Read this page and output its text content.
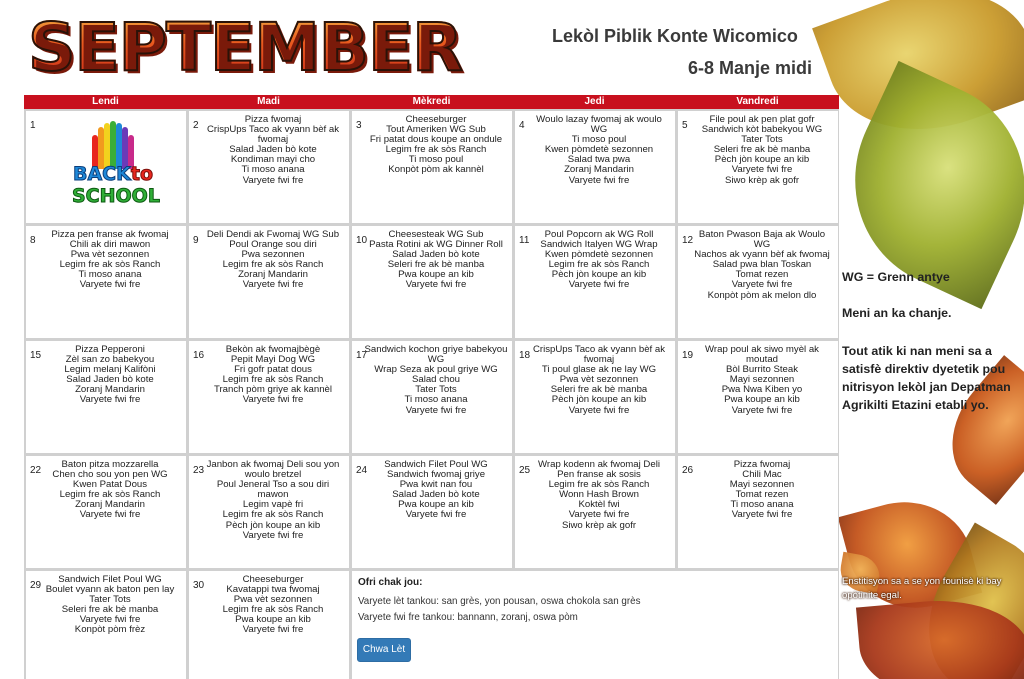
SEPTEMBER	Lekòl Piblik Konte Wicomico
6-8 Manje midi
Lendi	Madi	Mèkredi	Jedi	Vandredi
1
BACKto
SCHOOL
2
Pizza fwomaj
CrispUps Taco ak vyann bèf ak fwomaj
Salad Jaden bò kote
Kondiman mayi cho
Ti moso anana
Varyete fwi fre
3
Cheeseburger
Tout Ameriken WG Sub
Fri patat dous koupe an ondule
Legim fre ak sòs Ranch
Ti moso poul
Konpòt pòm ak kannèl
4
Woulo lazay fwomaj ak woulo WG
Ti moso poul
Kwen pòmdetè sezonnen
Salad twa pwa
Zoranj Mandarin
Varyete fwi fre
5
File poul ak pen plat gofr
Sandwich kòt babekyou WG
Tater Tots
Seleri fre ak bè manba
Pèch jòn koupe an kib
Varyete fwi fre
Siwo krèp ak gofr
8
Pizza pen franse ak fwomaj
Chili ak diri mawon
Pwa vèt sezonnen
Legim fre ak sòs Ranch
Ti moso anana
Varyete fwi fre
9
Deli Dendi ak Fwomaj WG Sub
Poul Orange sou diri
Pwa sezonnen
Legim fre ak sòs Ranch
Zoranj Mandarin
Varyete fwi fre
10
Cheesesteak WG Sub
Pasta Rotini ak WG Dinner Roll
Salad Jaden bò kote
Seleri fre ak bè manba
Pwa koupe an kib
Varyete fwi fre
11
Poul Popcorn ak WG Roll
Sandwich Italyen WG Wrap
Kwen pòmdetè sezonnen
Legim fre ak sòs Ranch
Pèch jòn koupe an kib
Varyete fwi fre
12
Baton Pwason Baja ak Woulo WG
Nachos ak vyann bèf ak fwomaj
Salad pwa blan Toskan
Tomat rezen
Varyete fwi fre
Konpòt pòm ak melon dlo
15
Pizza Pepperoni
Zèl san zo babekyou
Legim melanj Kalifòni
Salad Jaden bò kote
Zoranj Mandarin
Varyete fwi fre
16
Bekòn ak fwomajbègè
Pepit Mayi Dog WG
Fri gofr patat dous
Legim fre ak sòs Ranch
Tranch pòm griye ak kannèl
Varyete fwi fre
17
Sandwich kochon griye babekyou WG
Wrap Seza ak poul griye WG
Salad chou
Tater Tots
Ti moso anana
Varyete fwi fre
18
CrispUps Taco ak vyann bèf ak fwomaj
Ti poul glase ak ne lay WG
Pwa vèt sezonnen
Seleri fre ak bè manba
Pèch jòn koupe an kib
Varyete fwi fre
19
Wrap poul ak siwo myèl ak moutad
Bòl Burrito Steak
Mayi sezonnen
Pwa Nwa Kiben yo
Pwa koupe an kib
Varyete fwi fre
22
Baton pitza mozzarella
Chen cho sou yon pen WG
Kwen Patat Dous
Legim fre ak sòs Ranch
Zoranj Mandarin
Varyete fwi fre
23
Janbon ak fwomaj Deli sou yon woulo bretzel
Poul Jeneral Tso a sou diri mawon
Legim vapè fri
Legim fre ak sòs Ranch
Pèch jòn koupe an kib
Varyete fwi fre
24
Sandwich Filet Poul WG
Sandwich fwomaj griye
Pwa kwit nan fou
Salad Jaden bò kote
Pwa koupe an kib
Varyete fwi fre
25
Wrap kodenn ak fwomaj Deli
Pen franse ak sosis
Legim fre ak sòs Ranch
Wonn Hash Brown
Koktèl fwi
Varyete fwi fre
Siwo krèp ak gofr
26
Pizza fwomaj
Chili Mac
Mayi sezonnen
Tomat rezen
Ti moso anana
Varyete fwi fre
29
Sandwich Filet Poul WG
Boulet vyann ak baton pen lay
Tater Tots
Seleri fre ak bè manba
Varyete fwi fre
Konpòt pòm frèz
30
Cheeseburger
Kavatappi twa fwomaj
Pwa vèt sezonnen
Legim fre ak sòs Ranch
Pwa koupe an kib
Varyete fwi fre
Ofri chak jou:
Varyete lèt tankou: san grès, yon pousan, oswa chokola san grès
Varyete fwi fre tankou: bannann, zoranj, oswa pòm
Chwa Lèt
WG = Grenn antye
Meni an ka chanje.
Tout atik ki nan meni sa a satisfè direktiv dyetetik pou nitrisyon lekòl jan Depatman Agrikilti Etazini etabli yo.
Enstitisyon sa a se yon founisè ki bay opòtinite egal.
